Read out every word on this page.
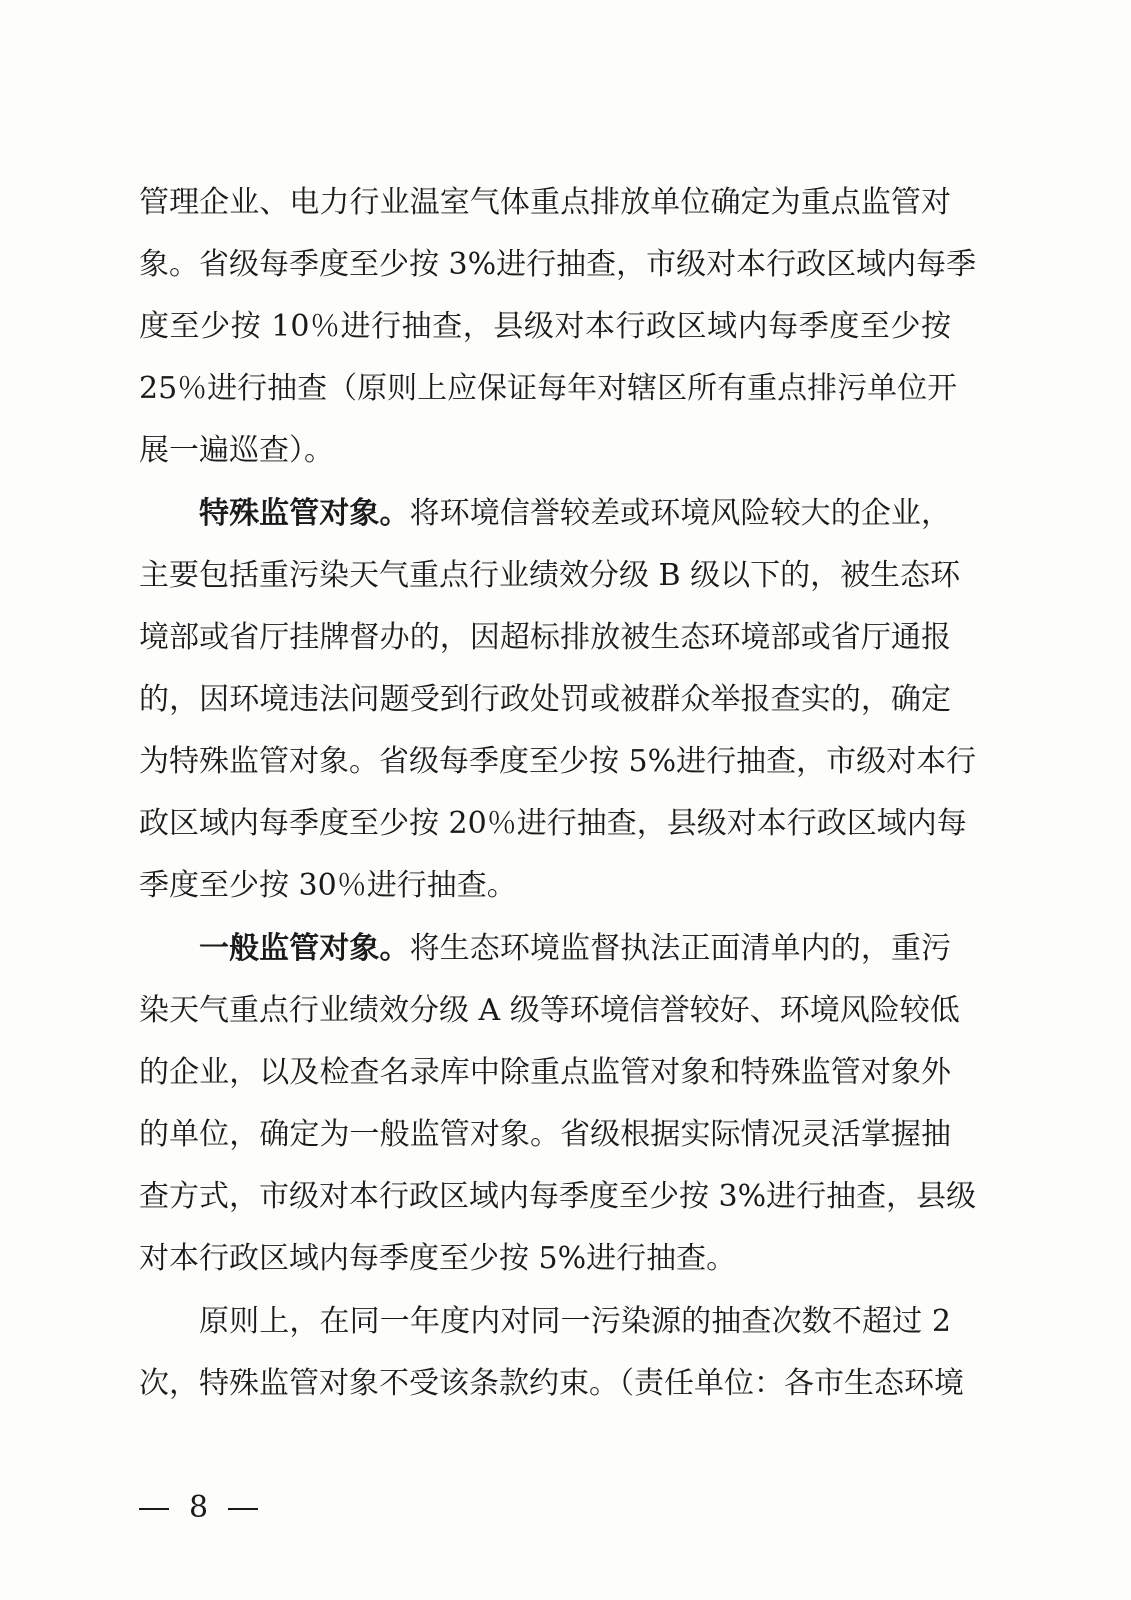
管理企业、电力行业温室气体重点排放单位确定为重点监管对
象。省级每季度至少按 3%进行抽查，市级对本行政区域内每季
度至少按 10％进行抽查，县级对本行政区域内每季度至少按
25％进行抽查（原则上应保证每年对辖区所有重点排污单位开
展一遍巡查）。
特殊监管对象。将环境信誉较差或环境风险较大的企业，
主要包括重污染天气重点行业绩效分级 B 级以下的，被生态环
境部或省厅挂牌督办的，因超标排放被生态环境部或省厅通报
的，因环境违法问题受到行政处罚或被群众举报查实的，确定
为特殊监管对象。省级每季度至少按 5%进行抽查，市级对本行
政区域内每季度至少按 20％进行抽查，县级对本行政区域内每
季度至少按 30％进行抽查。
一般监管对象。将生态环境监督执法正面清单内的，重污
染天气重点行业绩效分级 A 级等环境信誉较好、环境风险较低
的企业，以及检查名录库中除重点监管对象和特殊监管对象外
的单位，确定为一般监管对象。省级根据实际情况灵活掌握抽
查方式，市级对本行政区域内每季度至少按 3%进行抽查，县级
对本行政区域内每季度至少按 5%进行抽查。
原则上，在同一年度内对同一污染源的抽查次数不超过 2
次，特殊监管对象不受该条款约束。（责任单位：各市生态环境
8
